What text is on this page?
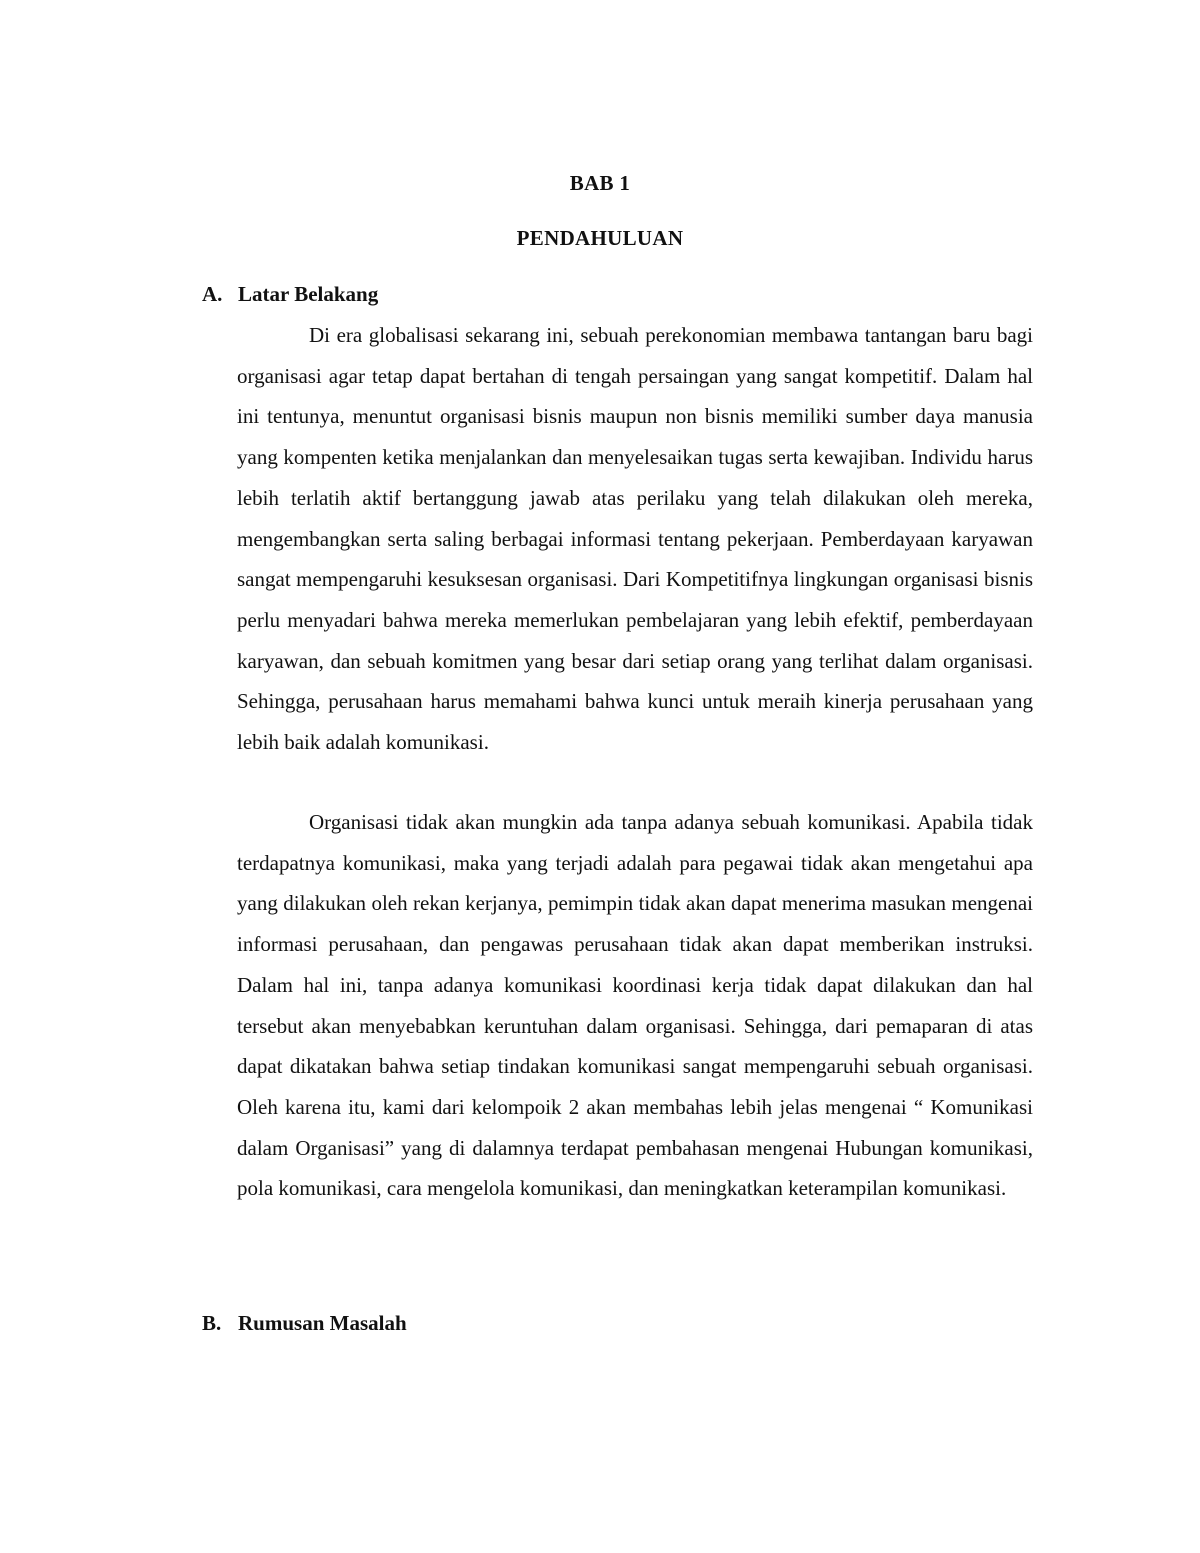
BAB 1
PENDAHULUAN
A. Latar Belakang

Di era globalisasi sekarang ini, sebuah perekonomian membawa tantangan baru bagi organisasi agar tetap dapat bertahan di tengah persaingan yang sangat kompetitif. Dalam hal ini tentunya, menuntut organisasi bisnis maupun non bisnis memiliki sumber daya manusia yang kompenten ketika menjalankan dan menyelesaikan tugas serta kewajiban. Individu harus lebih terlatih aktif bertanggung jawab atas perilaku yang telah dilakukan oleh mereka, mengembangkan serta saling berbagai informasi tentang pekerjaan. Pemberdayaan karyawan sangat mempengaruhi kesuksesan organisasi. Dari Kompetitifnya lingkungan organisasi bisnis perlu menyadari bahwa mereka memerlukan pembelajaran yang lebih efektif, pemberdayaan karyawan, dan sebuah komitmen yang besar dari setiap orang yang terlihat dalam organisasi. Sehingga, perusahaan harus memahami bahwa kunci untuk meraih kinerja perusahaan yang lebih baik adalah komunikasi.

Organisasi tidak akan mungkin ada tanpa adanya sebuah komunikasi. Apabila tidak terdapatnya komunikasi, maka yang terjadi adalah para pegawai tidak akan mengetahui apa yang dilakukan oleh rekan kerjanya, pemimpin tidak akan dapat menerima masukan mengenai informasi perusahaan, dan pengawas perusahaan tidak akan dapat memberikan instruksi. Dalam hal ini, tanpa adanya komunikasi koordinasi kerja tidak dapat dilakukan dan hal tersebut akan menyebabkan keruntuhan dalam organisasi. Sehingga, dari pemaparan di atas dapat dikatakan bahwa setiap tindakan komunikasi sangat mempengaruhi sebuah organisasi. Oleh karena itu, kami dari kelompoik 2 akan membahas lebih jelas mengenai “ Komunikasi dalam Organisasi” yang di dalamnya terdapat pembahasan mengenai Hubungan komunikasi, pola komunikasi, cara mengelola komunikasi, dan meningkatkan keterampilan komunikasi.

B. Rumusan Masalah
